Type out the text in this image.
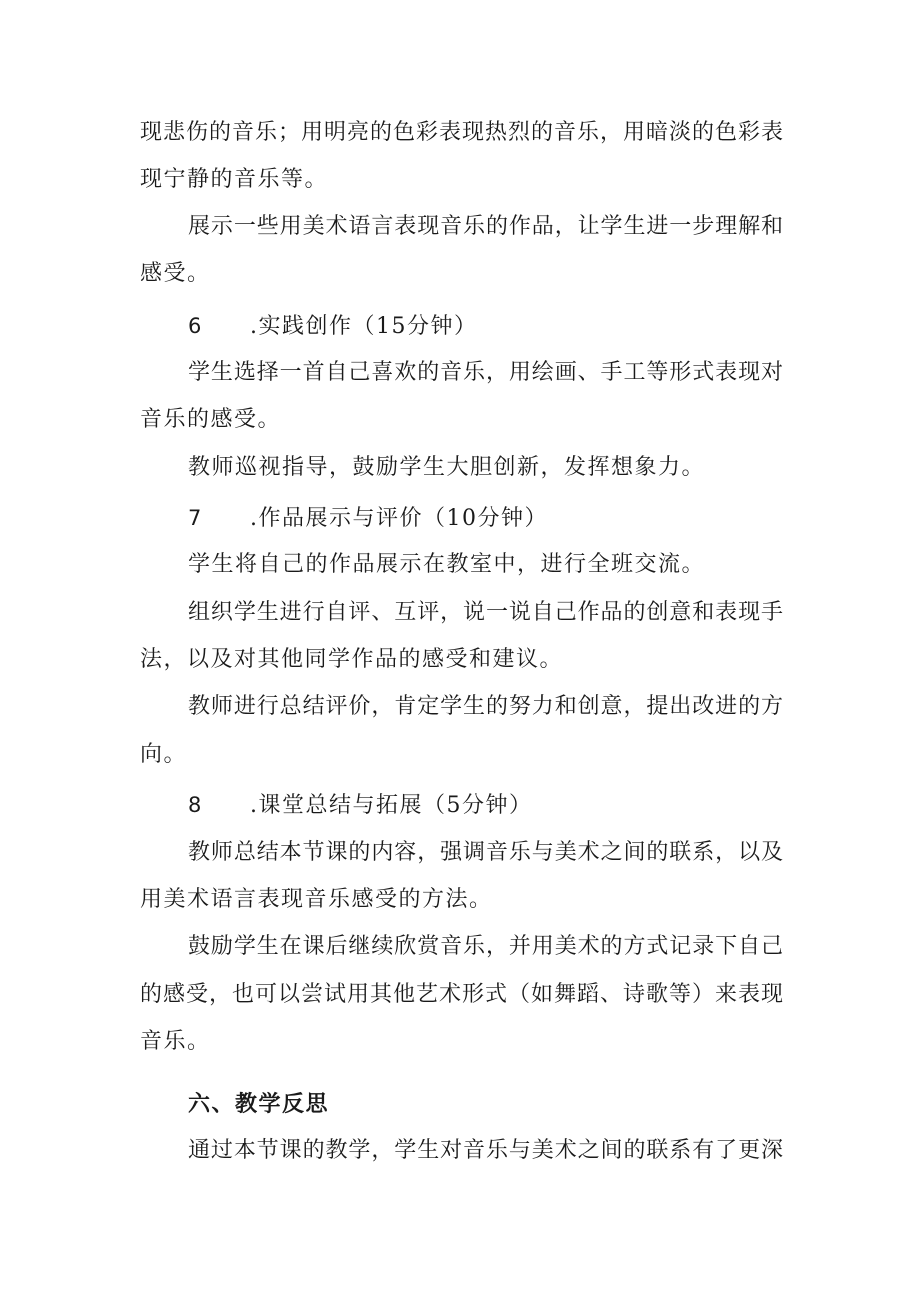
现悲伤的音乐；用明亮的色彩表现热烈的音乐，用暗淡的色彩表
现宁静的音乐等。
展示一些用美术语言表现音乐的作品，让学生进一步理解和
感受。
6 .实践创作（15分钟）
学生选择一首自己喜欢的音乐，用绘画、手工等形式表现对
音乐的感受。
教师巡视指导，鼓励学生大胆创新，发挥想象力。
7 .作品展示与评价（10分钟）
学生将自己的作品展示在教室中，进行全班交流。
组织学生进行自评、互评，说一说自己作品的创意和表现手
法，以及对其他同学作品的感受和建议。
教师进行总结评价，肯定学生的努力和创意，提出改进的方
向。
8 .课堂总结与拓展（5分钟）
教师总结本节课的内容，强调音乐与美术之间的联系，以及
用美术语言表现音乐感受的方法。
鼓励学生在课后继续欣赏音乐，并用美术的方式记录下自己
的感受，也可以尝试用其他艺术形式（如舞蹈、诗歌等）来表现
音乐。
六、教学反思
通过本节课的教学，学生对音乐与美术之间的联系有了更深
